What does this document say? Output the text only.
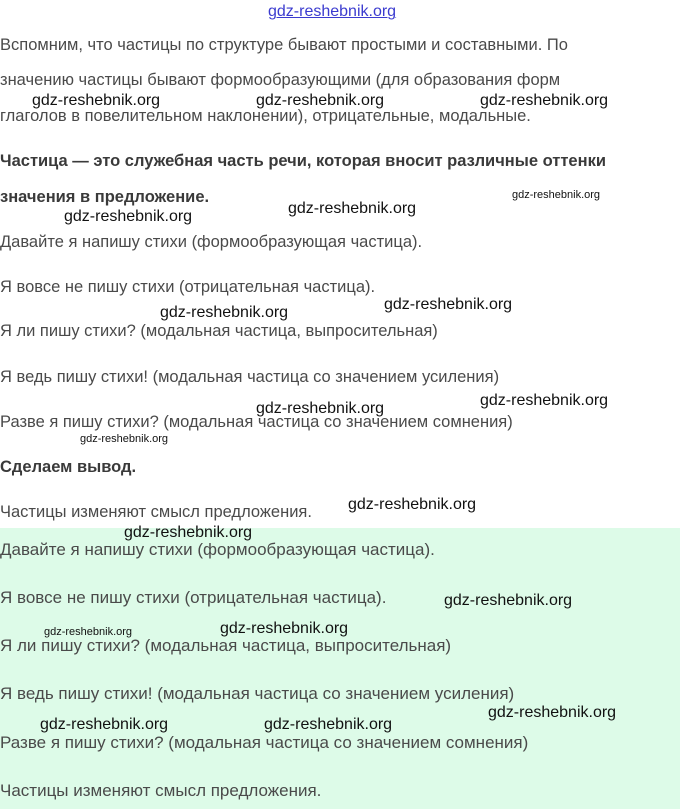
gdz-reshebnik.org
Вспомним, что частицы по структуре бывают простыми и составными. По
значению частицы бывают формообразующими (для образования форм
глаголов в повелительном наклонении), отрицательные, модальные.
Частица — это служебная часть речи, которая вносит различные оттенки
значения в предложение.
Давайте я напишу стихи (формообразующая частица).
Я вовсе не пишу стихи (отрицательная частица).
Я ли пишу стихи? (модальная частица, выпросительная)
Я ведь пишу стихи! (модальная частица со значением усиления)
Разве я пишу стихи? (модальная частица со значением сомнения)
Сделаем вывод.
Частицы изменяют смысл предложения.
Давайте я напишу стихи (формообразующая частица).
Я вовсе не пишу стихи (отрицательная частица).
Я ли пишу стихи? (модальная частица, выпросительная)
Я ведь пишу стихи! (модальная частица со значением усиления)
Разве я пишу стихи? (модальная частица со значением сомнения)
Частицы изменяют смысл предложения.
gdz-reshebnik.org	gdz-reshebnik.org	gdz-reshebnik.org
gdz-reshebnik.org
gdz-reshebnik.org
gdz-reshebnik.org
gdz-reshebnik.org
gdz-reshebnik.org
gdz-reshebnik.org
gdz-reshebnik.org
gdz-reshebnik.org
gdz-reshebnik.org
gdz-reshebnik.org
gdz-reshebnik.org
gdz-reshebnik.org	gdz-reshebnik.org
gdz-reshebnik.org
gdz-reshebnik.org	gdz-reshebnik.org
